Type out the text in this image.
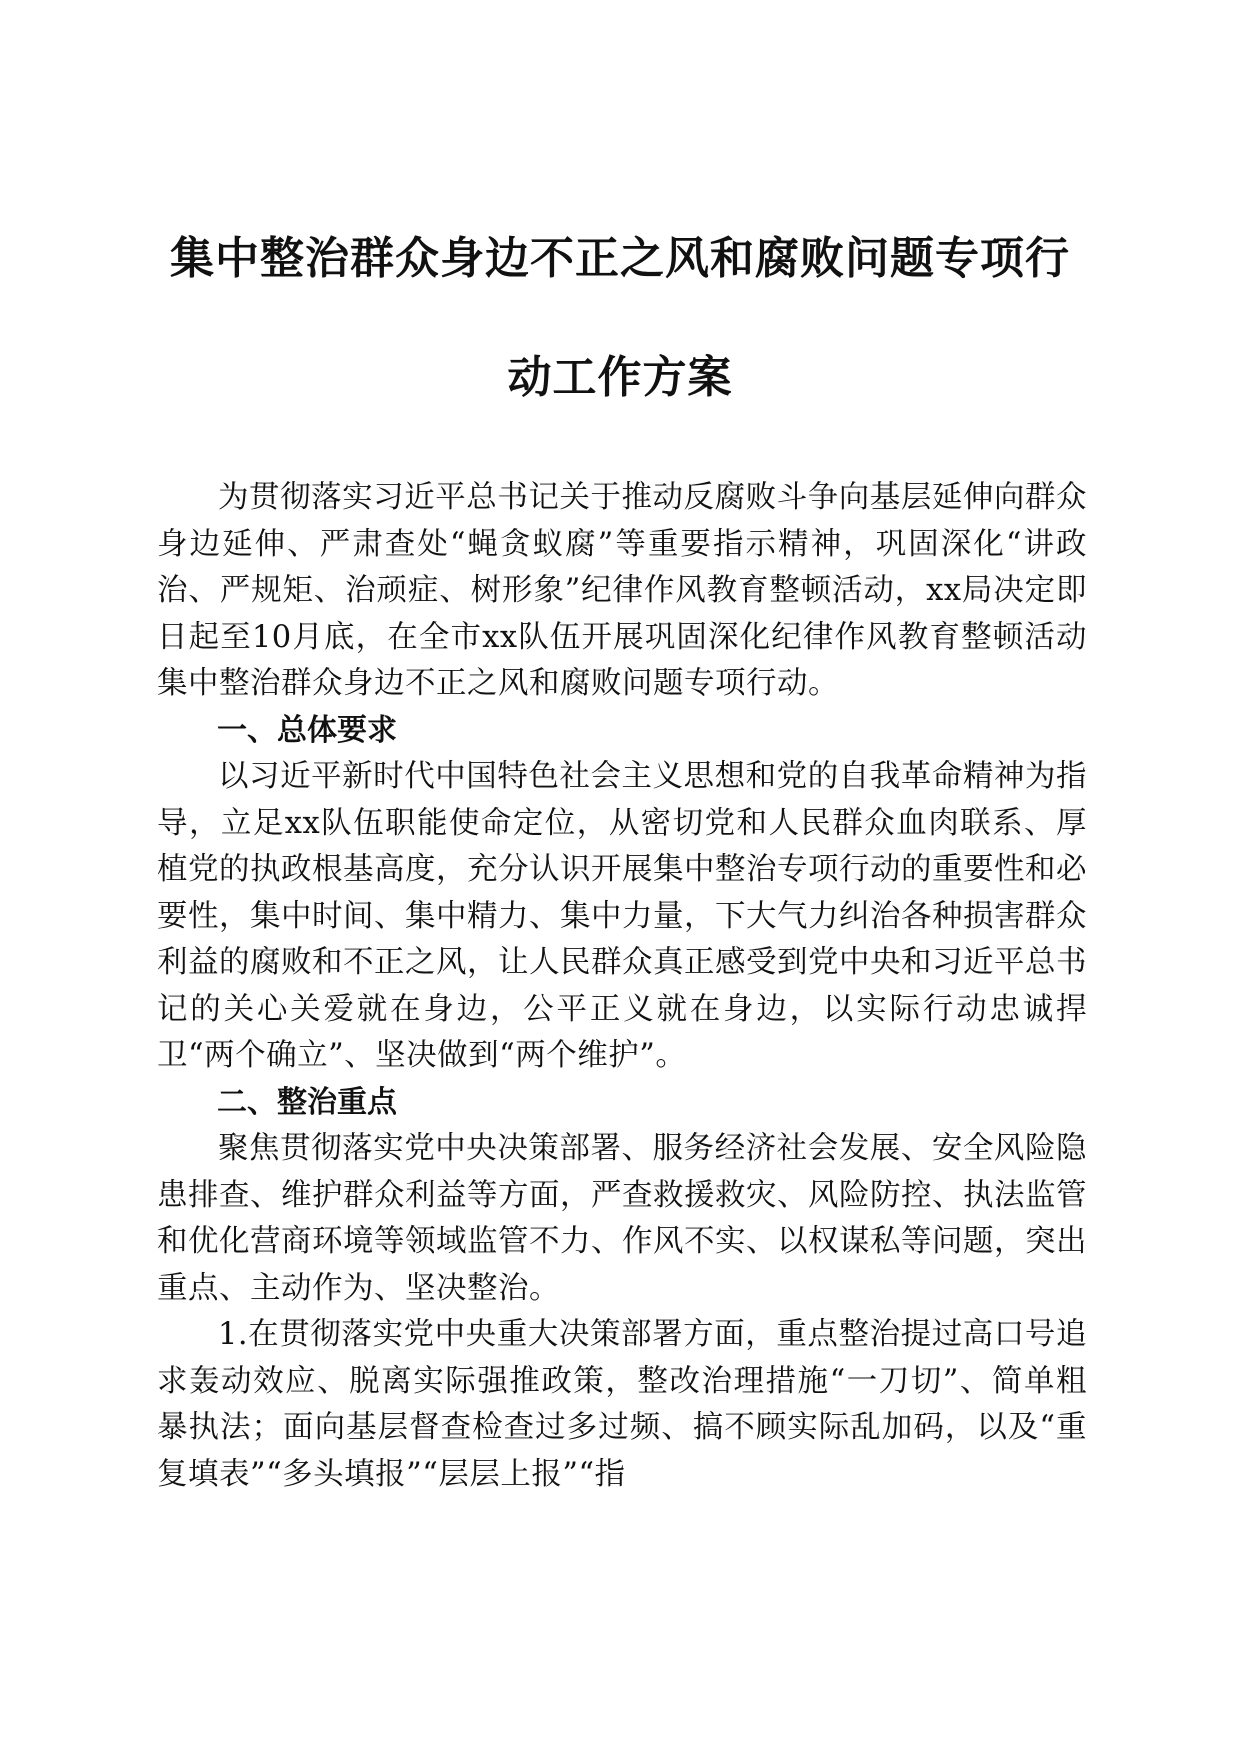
集中整治群众身边不正之风和腐败问题专项行
动工作方案

为贯彻落实习近平总书记关于推动反腐败斗争向基层延伸向群众身边延伸、严肃查处“蝇贪蚁腐”等重要指示精神，巩固深化“讲政治、严规矩、治顽症、树形象”纪律作风教育整顿活动，xx局决定即日起至10月底，在全市xx队伍开展巩固深化纪律作风教育整顿活动集中整治群众身边不正之风和腐败问题专项行动。

一、总体要求

以习近平新时代中国特色社会主义思想和党的自我革命精神为指导，立足xx队伍职能使命定位，从密切党和人民群众血肉联系、厚植党的执政根基高度，充分认识开展集中整治专项行动的重要性和必要性，集中时间、集中精力、集中力量，下大气力纠治各种损害群众利益的腐败和不正之风，让人民群众真正感受到党中央和习近平总书记的关心关爱就在身边，公平正义就在身边，以实际行动忠诚捍卫“两个确立”、坚决做到“两个维护”。

二、整治重点

聚焦贯彻落实党中央决策部署、服务经济社会发展、安全风险隐患排查、维护群众利益等方面，严查救援救灾、风险防控、执法监管和优化营商环境等领域监管不力、作风不实、以权谋私等问题，突出重点、主动作为、坚决整治。

1.在贯彻落实党中央重大决策部署方面，重点整治提过高口号追求轰动效应、脱离实际强推政策，整改治理措施“一刀切”、简单粗暴执法；面向基层督查检查过多过频、搞不顾实际乱加码，以及“重复填表”“多头填报”“层层上报”“指
